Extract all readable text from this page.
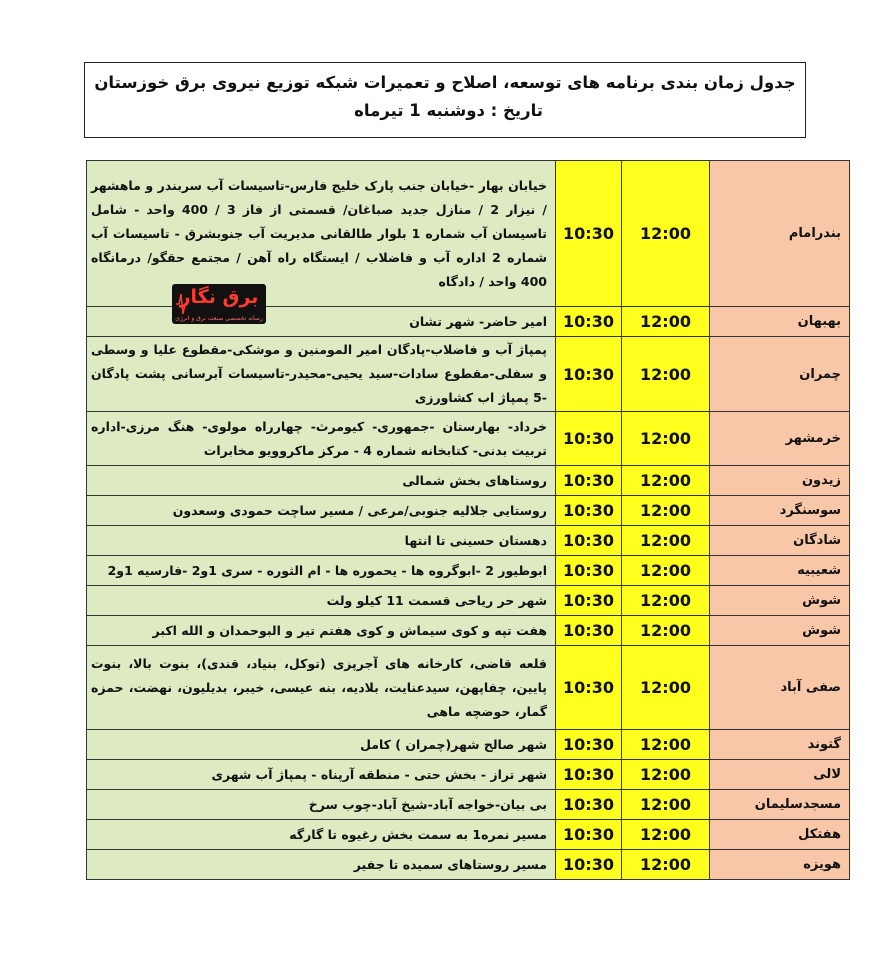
جدول زمان بندی برنامه های توسعه، اصلاح و تعمیرات شبکه توزیع نیروی برق خوزستان
تاریخ : دوشنبه 1 تیرماه
بندرامام	12:00	10:30	خیابان بهار -خیابان جنب پارک خلیج فارس-تاسیسات آب سربندر و ماهشهر / نیزار 2 / منازل جدید صباغان/ قسمتی از فاز 3 / 400 واحد - شامل تاسیسان آب شماره 1 بلوار طالقانی مدیریت آب جنوبشرق - تاسیسات آب شماره 2 اداره آب و فاضلاب / ایستگاه راه آهن / مجتمع حقگو/ درمانگاه 400 واحد / دادگاه
بهبهان	12:00	10:30	امیر حاضر- شهر تشان
چمران	12:00	10:30	پمپاژ آب و فاضلاب-پادگان امیر المومنین و موشکی-مقطوع علیا و وسطی و سفلی-مقطوع سادات-سید یحیی-محیدر-تاسیسات آبرسانی پشت پادگان -5 پمپاژ اب کشاورزی
خرمشهر	12:00	10:30	خرداد- بهارستان -جمهوری- کیومرث- چهارراه مولوی- هنگ مرزی-اداره تربیت بدنی- کتابخانه شماره 4 - مرکز ماکروویو مخابرات
زیدون	12:00	10:30	روستاهای بخش شمالی
سوسنگرد	12:00	10:30	روستایی جلالیه جنوبی/مرعی / مسیر ساچت حمودی وسعدون
شادگان	12:00	10:30	دهستان حسینی تا انتها
شعیبیه	12:00	10:30	ابوطیور 2 -ابوگروه ها - یحموره ها - ام الثوره - سری 1و2 -فارسیه 1و2
شوش	12:00	10:30	شهر حر ریاحی قسمت 11 کیلو ولت
شوش	12:00	10:30	هفت تپه و کوی سیماش و کوی هفتم تیر و البوحمدان و الله اکبر
صفی آباد	12:00	10:30	قلعه قاضی، کارخانه های آجرپزی (توکل، بنیاد، قندی)، بنوت بالا، بنوت پایین، چفاپهن، سیدعنایت، بلادیه، بنه عیسی، خیبر، بدیلیون، نهضت، حمزه گمار، حوضچه ماهی
گتوند	12:00	10:30	شهر صالح شهر(چمران ) کامل
لالی	12:00	10:30	شهر تراز - بخش حتی - منطقه آرپناه - پمپاژ آب شهری
مسجدسلیمان	12:00	10:30	بی بیان-خواجه آباد-شیخ آباد-چوب سرخ
هفتکل	12:00	10:30	مسیر نمره1 به سمت بخش رغیوه تا گارگه
هویزه	12:00	10:30	مسیر روستاهای سمیده تا جفیر
برق نگار
رسانه تخصصی صنعت برق و انرژی
